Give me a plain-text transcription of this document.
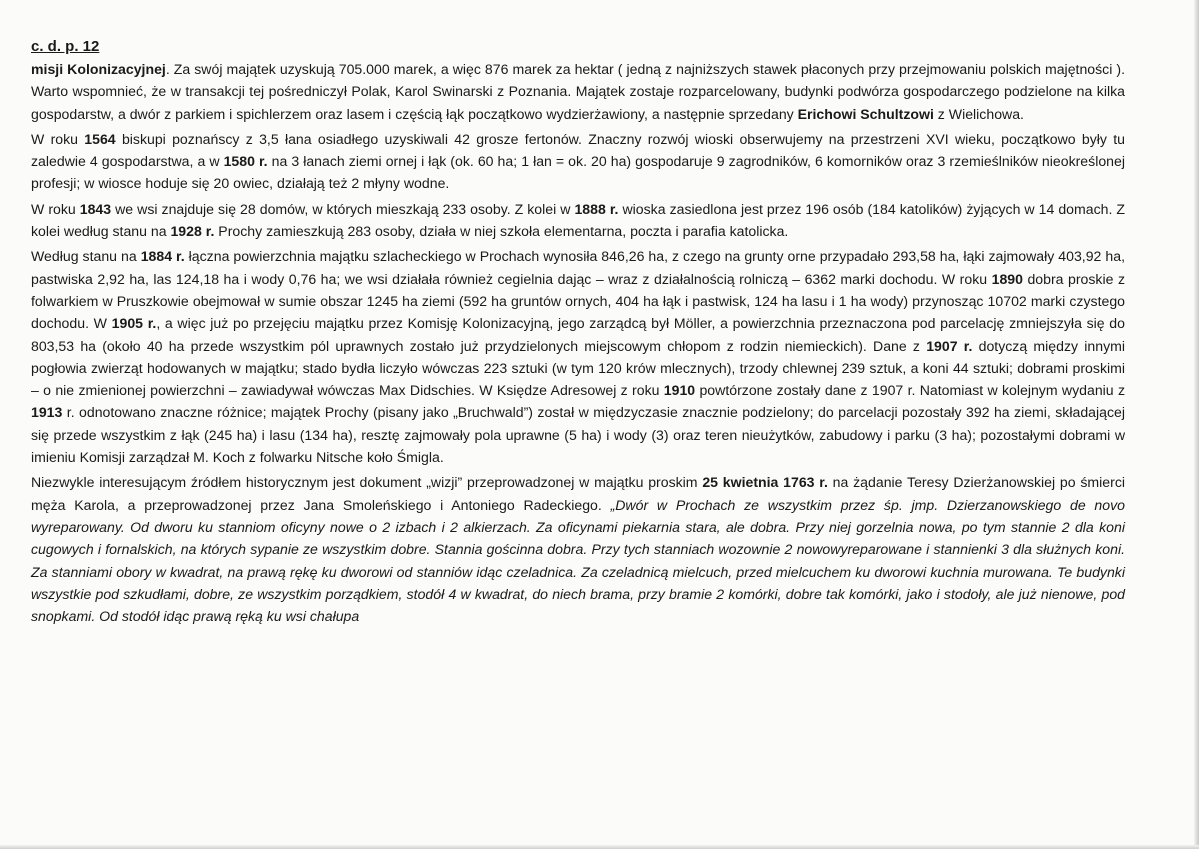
c. d. p. 12
misji Kolonizacyjnej. Za swój majątek uzyskują 705.000 marek, a więc 876 marek za hektar ( jedną z najniższych stawek płaconych przy przejmowaniu polskich majętności ). Warto wspomnieć, że w transakcji tej pośredniczył Polak, Karol Swinarski z Poznania. Majątek zostaje rozparcelowany, budynki podwórza gospodarczego podzielone na kilka gospodarstw, a dwór z parkiem i spichlerzem oraz lasem i częścią łąk początkowo wydzierżawiony, a następnie sprzedany Erichowi Schultzowi z Wielichowa.
W roku 1564 biskupi poznańscy z 3,5 łana osiadłego uzyskiwali 42 grosze fertonów. Znaczny rozwój wioski obserwujemy na przestrzeni XVI wieku, początkowo były tu zaledwie 4 gospodarstwa, a w 1580 r. na 3 łanach ziemi ornej i łąk (ok. 60 ha; 1 łan = ok. 20 ha) gospodaruje 9 zagrodników, 6 komorników oraz 3 rzemieślników nieokreślonej profesji; w wiosce hoduje się 20 owiec, działają też 2 młyny wodne.
W roku 1843 we wsi znajduje się 28 domów, w których mieszkają 233 osoby. Z kolei w 1888 r. wioska zasiedlona jest przez 196 osób (184 katolików) żyjących w 14 domach. Z kolei według stanu na 1928 r. Prochy zamieszkują 283 osoby, działa w niej szkoła elementarna, poczta i parafia katolicka.
Według stanu na 1884 r. łączna powierzchnia majątku szlacheckiego w Prochach wynosiła 846,26 ha, z czego na grunty orne przypadało 293,58 ha, łąki zajmowały 403,92 ha, pastwiska 2,92 ha, las 124,18 ha i wody 0,76 ha; we wsi działała również cegielnia dając – wraz z działalnością rolniczą – 6362 marki dochodu. W roku 1890 dobra proskie z folwarkiem w Pruszkowie obejmował w sumie obszar 1245 ha ziemi (592 ha gruntów ornych, 404 ha łąk i pastwisk, 124 ha lasu i 1 ha wody) przynosząc 10702 marki czystego dochodu. W 1905 r., a więc już po przejęciu majątku przez Komisję Kolonizacyjną, jego zarządcą był Möller, a powierzchnia przeznaczona pod parcelację zmniejszyła się do 803,53 ha (około 40 ha przede wszystkim pól uprawnych zostało już przydzielonych miejscowym chłopom z rodzin niemieckich). Dane z 1907 r. dotyczą między innymi pogłowia zwierząt hodowanych w majątku; stado bydła liczyło wówczas 223 sztuki (w tym 120 krów mlecznych), trzody chlewnej 239 sztuk, a koni 44 sztuki; dobrami proskimi – o nie zmienionej powierzchni – zawiadywał wówczas Max Didschies. W Księdze Adresowej z roku 1910 powtórzone zostały dane z 1907 r. Natomiast w kolejnym wydaniu z 1913 r. odnotowano znaczne różnice; majątek Prochy (pisany jako „Bruchwald”) został w międzyczasie znacznie podzielony; do parcelacji pozostały 392 ha ziemi, składającej się przede wszystkim z łąk (245 ha) i lasu (134 ha), resztę zajmowały pola uprawne (5 ha) i wody (3) oraz teren nieużytków, zabudowy i parku (3 ha); pozostałymi dobrami w imieniu Komisji zarządzał M. Koch z folwarku Nitsche koło Śmigla.
Niezwykle interesującym źródłem historycznym jest dokument „wizji” przeprowadzonej w majątku proskim 25 kwietnia 1763 r. na żądanie Teresy Dzierżanowskiej po śmierci męża Karola, a przeprowadzonej przez Jana Smoleńskiego i Antoniego Radeckiego. „Dwór w Prochach ze wszystkim przez śp. jmp. Dzierzanowskiego de novo wyreparowany. Od dworu ku stanniom oficyny nowe o 2 izbach i 2 alkierzach. Za oficynami piekarnia stara, ale dobra. Przy niej gorzelnia nowa, po tym stannie 2 dla koni cugowych i fornalskich, na których sypanie ze wszystkim dobre. Stannia gościnna dobra. Przy tych stanniach wozownie 2 nowowyreparowane i stannienki 3 dla służnych koni. Za stanniami obory w kwadrat, na prawą rękę ku dworowi od stanniów idąc czeladnica. Za czeladnicą mielcuch, przed mielcuchem ku dworowi kuchnia murowana. Te budynki wszystkie pod szkudłami, dobre, ze wszystkim porządkiem, stodół 4 w kwadrat, do niech brama, przy bramie 2 komórki, dobre tak komórki, jako i stodoły, ale już nienowe, pod snopkami. Od stodół idąc prawą ręką ku wsi chałupa
